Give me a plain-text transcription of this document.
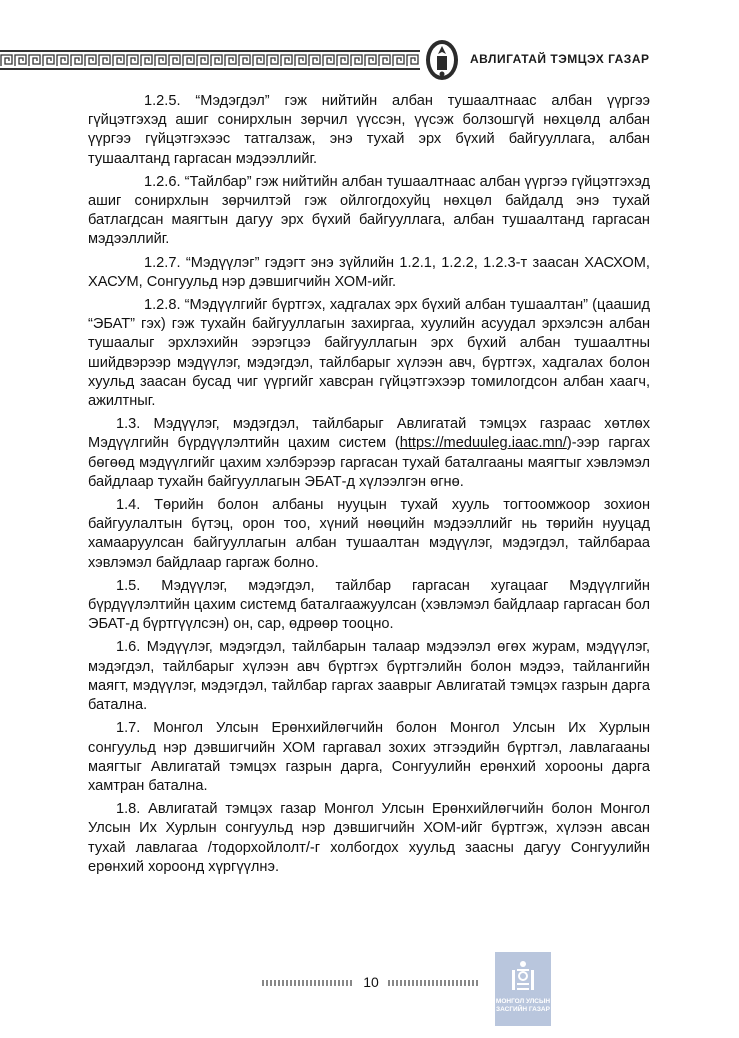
АВЛИГАТАЙ ТЭМЦЭХ ГАЗАР

1.2.5. “Мэдэгдэл” гэж нийтийн албан тушаалтнаас албан үүргээ гүйцэтгэхэд ашиг сонирхлын зөрчил үүссэн, үүсэж болзошгүй нөхцөлд албан үүргээ гүйцэтгэхээс татгалзаж, энэ тухай эрх бүхий байгууллага, албан тушаалтанд гаргасан мэдээллийг.

1.2.6. “Тайлбар” гэж нийтийн албан тушаалтнаас албан үүргээ гүйцэтгэхэд ашиг сонирхлын зөрчилтэй гэж ойлгогдохуйц нөхцөл байдалд энэ тухай батлагдсан маягтын дагуу эрх бүхий байгууллага, албан тушаалтанд гаргасан мэдээллийг.

1.2.7. “Мэдүүлэг” гэдэгт энэ зүйлийн 1.2.1, 1.2.2, 1.2.3-т заасан ХАСХОМ, ХАСУМ, Сонгуульд нэр дэвшигчийн ХОМ-ийг.

1.2.8. “Мэдүүлгийг бүртгэх, хадгалах эрх бүхий албан тушаалтан” (цаашид “ЭБАТ” гэх) гэж тухайн байгууллагын захиргаа, хуулийн асуудал эрхэлсэн албан тушаалыг эрхлэхийн ээрэгцээ байгууллагын эрх бүхий албан тушаалтны шийдвэрээр мэдүүлэг, мэдэгдэл, тайлбарыг хүлээн авч, бүртгэх, хадгалах болон хуульд заасан бусад чиг үүргийг хавсран гүйцэтгэхээр томилогдсон албан хаагч, ажилтныг.

1.3. Мэдүүлэг, мэдэгдэл, тайлбарыг Авлигатай тэмцэх газраас хөтлөх Мэдүүлгийн бүрдүүлэлтийн цахим систем (https://meduuleg.iaac.mn/)-ээр гаргах бөгөөд мэдүүлгийг цахим хэлбэрээр гаргасан тухай баталгааны маягтыг хэвлэмэл байдлаар тухайн байгууллагын ЭБАТ-д хүлээлгэн өгнө.

1.4. Төрийн болон албаны нууцын тухай хууль тогтоомжоор зохион байгуулалтын бүтэц, орон тоо, хүний нөөцийн мэдээллийг нь төрийн нууцад хамааруулсан байгууллагын албан тушаалтан мэдүүлэг, мэдэгдэл, тайлбараа хэвлэмэл байдлаар гаргаж болно.

1.5. Мэдүүлэг, мэдэгдэл, тайлбар гаргасан хугацааг Мэдүүлгийн бүрдүүлэлтийн цахим системд баталгаажуулсан (хэвлэмэл байдлаар гаргасан бол ЭБАТ-д бүртгүүлсэн) он, сар, өдрөөр тооцно.

1.6. Мэдүүлэг, мэдэгдэл, тайлбарын талаар мэдээлэл өгөх журам, мэдүүлэг, мэдэгдэл, тайлбарыг хүлээн авч бүртгэх бүртгэлийн болон мэдээ, тайлангийн маягт, мэдүүлэг, мэдэгдэл, тайлбар гаргах заавpыг Авлигатай тэмцэх газрын дарга батална.

1.7. Монгол Улсын Ерөнхийлөгчийн болон Монгол Улсын Их Хурлын сонгуульд нэр дэвшигчийн ХОМ гаргавал зохих этгээдийн бүртгэл, лавлагааны маягтыг Авлигатай тэмцэх газрын дарга, Сонгуулийн ерөнхий хорооны дарга хамтран батална.

1.8. Авлигатай тэмцэх газар Монгол Улсын Ерөнхийлөгчийн болон Монгол Улсын Их Хурлын сонгуульд нэр дэвшигчийн ХОМ-ийг бүртгэж, хүлээн авсан тухай лавлагаа /тодорхойлолт/-г холбогдох хуульд заасны дагуу Сонгуулийн ерөнхий хороонд хүргүүлнэ.

10
МОНГОЛ УЛСЫН
ЗАСГИЙН ГАЗАР
